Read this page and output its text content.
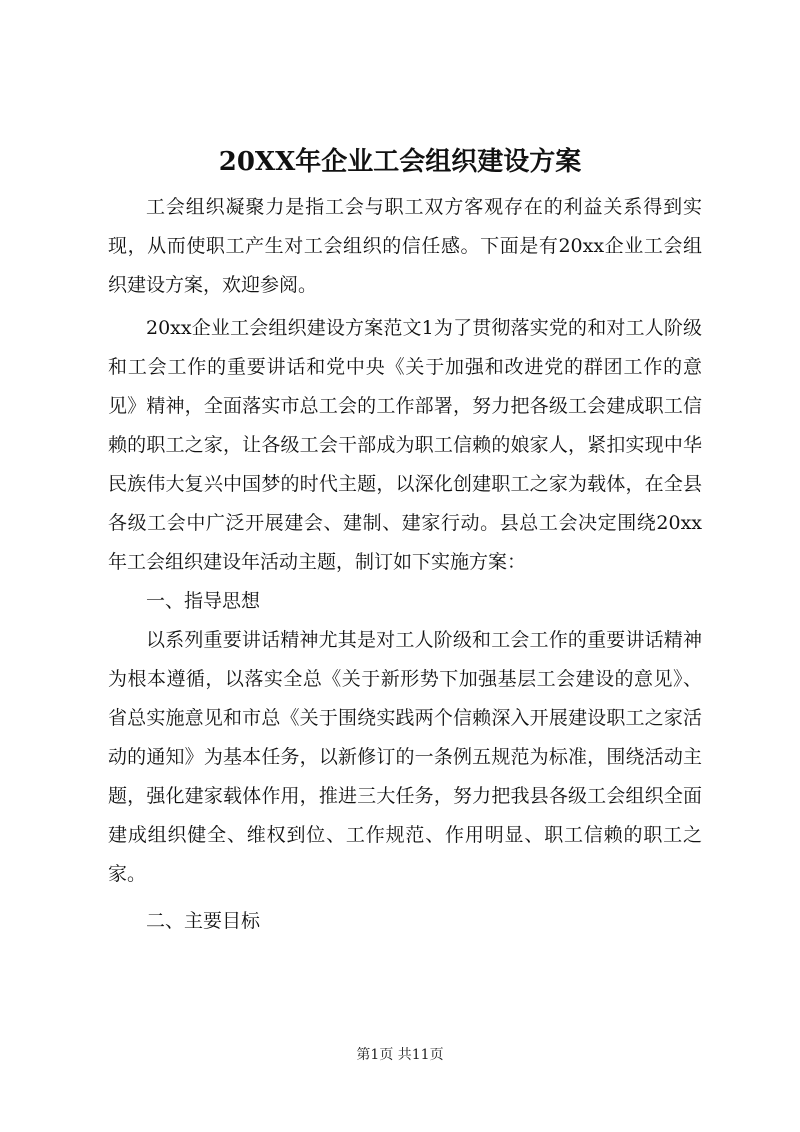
20XX年企业工会组织建设方案

工会组织凝聚力是指工会与职工双方客观存在的利益关系得到实现，从而使职工产生对工会组织的信任感。下面是有20xx企业工会组织建设方案，欢迎参阅。

20xx企业工会组织建设方案范文1为了贯彻落实党的和对工人阶级和工会工作的重要讲话和党中央《关于加强和改进党的群团工作的意见》精神，全面落实市总工会的工作部署，努力把各级工会建成职工信赖的职工之家，让各级工会干部成为职工信赖的娘家人，紧扣实现中华民族伟大复兴中国梦的时代主题，以深化创建职工之家为载体，在全县各级工会中广泛开展建会、建制、建家行动。县总工会决定围绕20xx年工会组织建设年活动主题，制订如下实施方案：

一、指导思想

以系列重要讲话精神尤其是对工人阶级和工会工作的重要讲话精神为根本遵循，以落实全总《关于新形势下加强基层工会建设的意见》、省总实施意见和市总《关于围绕实践两个信赖深入开展建设职工之家活动的通知》为基本任务，以新修订的一条例五规范为标准，围绕活动主题，强化建家载体作用，推进三大任务，努力把我县各级工会组织全面建成组织健全、维权到位、工作规范、作用明显、职工信赖的职工之家。

二、主要目标

第1页 共11页
